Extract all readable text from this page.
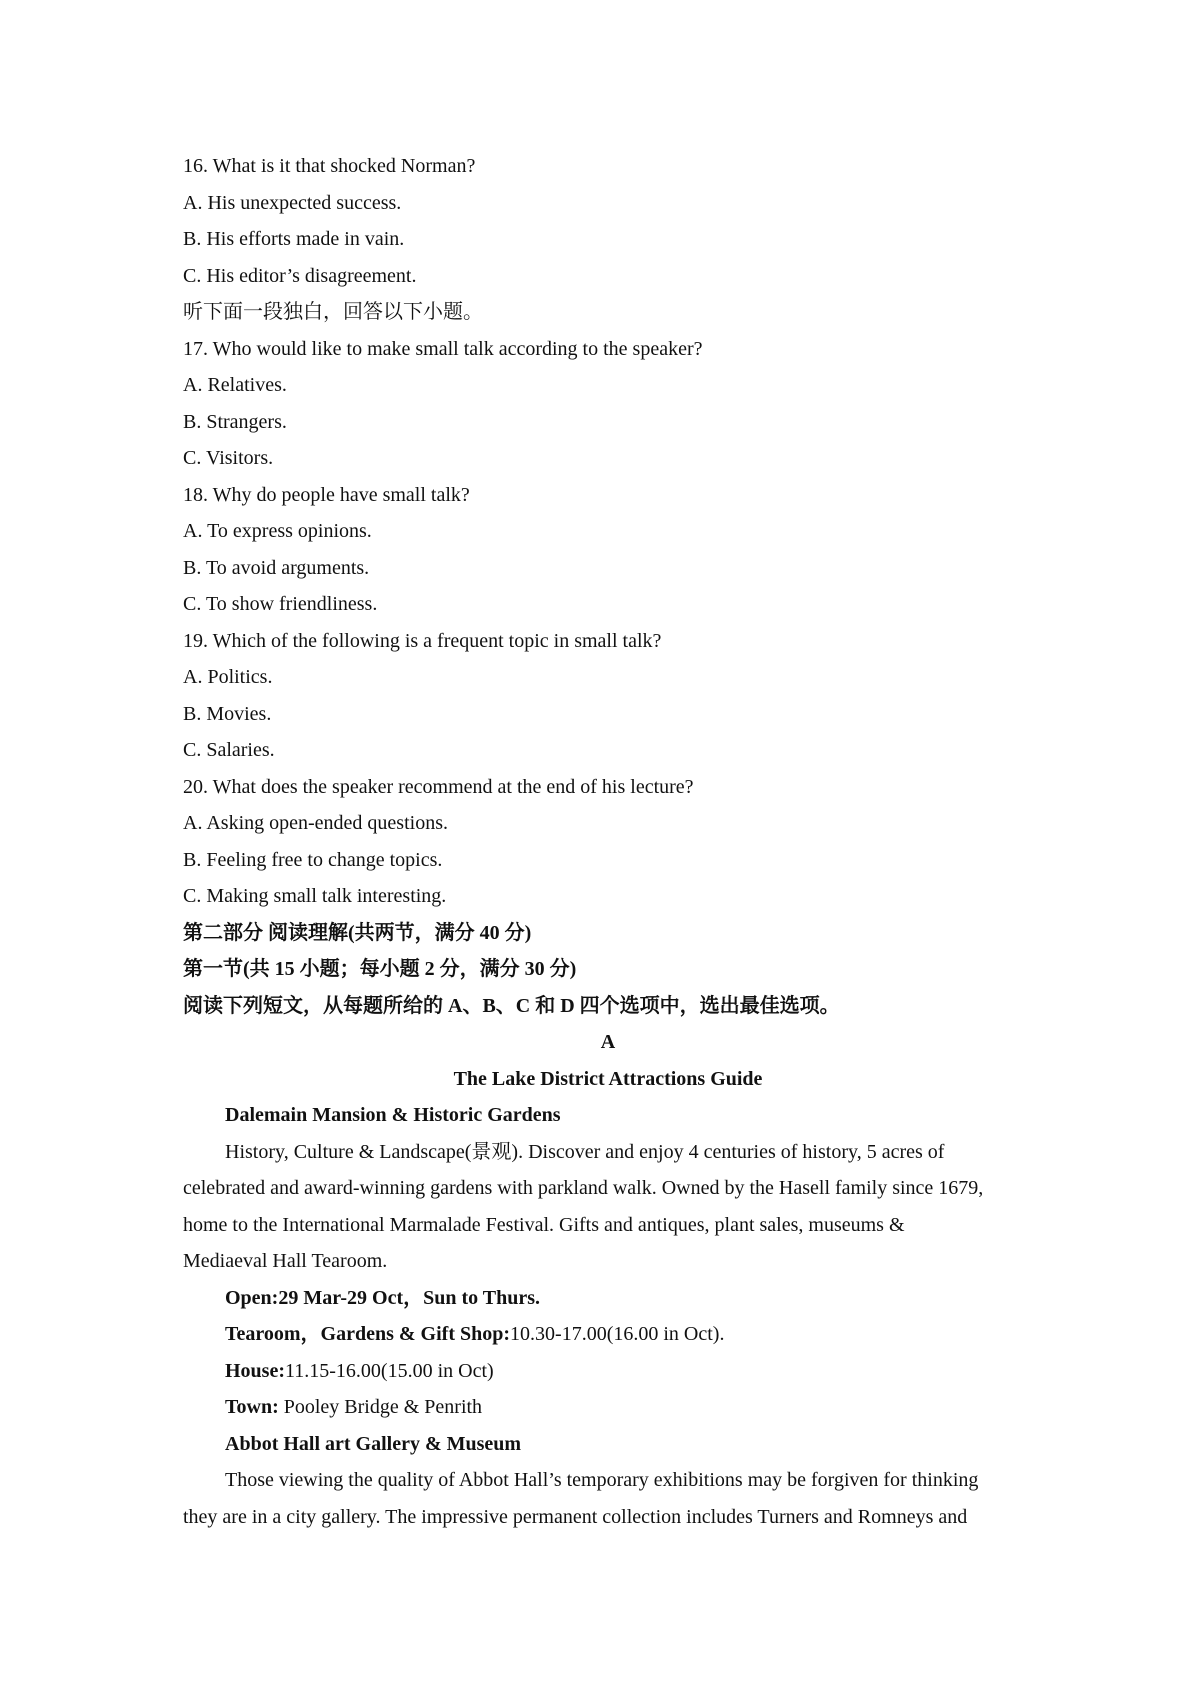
16. What is it that shocked Norman?
A. His unexpected success.
B. His efforts made in vain.
C. His editor’s disagreement.
听下面一段独白，回答以下小题。
17. Who would like to make small talk according to the speaker?
A. Relatives.
B. Strangers.
C. Visitors.
18. Why do people have small talk?
A. To express opinions.
B. To avoid arguments.
C. To show friendliness.
19. Which of the following is a frequent topic in small talk?
A. Politics.
B. Movies.
C. Salaries.
20. What does the speaker recommend at the end of his lecture?
A. Asking open-ended questions.
B. Feeling free to change topics.
C. Making small talk interesting.
第二部分 阅读理解(共两节，满分 40 分)
第一节(共 15 小题；每小题 2 分，满分 30 分)
阅读下列短文，从每题所给的 A、B、C 和 D 四个选项中，选出最佳选项。
A
The Lake District Attractions Guide
Dalemain Mansion & Historic Gardens
History, Culture & Landscape(景观). Discover and enjoy 4 centuries of history, 5 acres of
celebrated and award-winning gardens with parkland walk. Owned by the Hasell family since 1679,
home to the International Marmalade Festival. Gifts and antiques, plant sales, museums &
Mediaeval Hall Tearoom.
Open:29 Mar-29 Oct，Sun to Thurs.
Tearoom，Gardens & Gift Shop:10.30-17.00(16.00 in Oct).
House:11.15-16.00(15.00 in Oct)
Town: Pooley Bridge & Penrith
Abbot Hall art Gallery & Museum
Those viewing the quality of Abbot Hall’s temporary exhibitions may be forgiven for thinking
they are in a city gallery. The impressive permanent collection includes Turners and Romneys and
